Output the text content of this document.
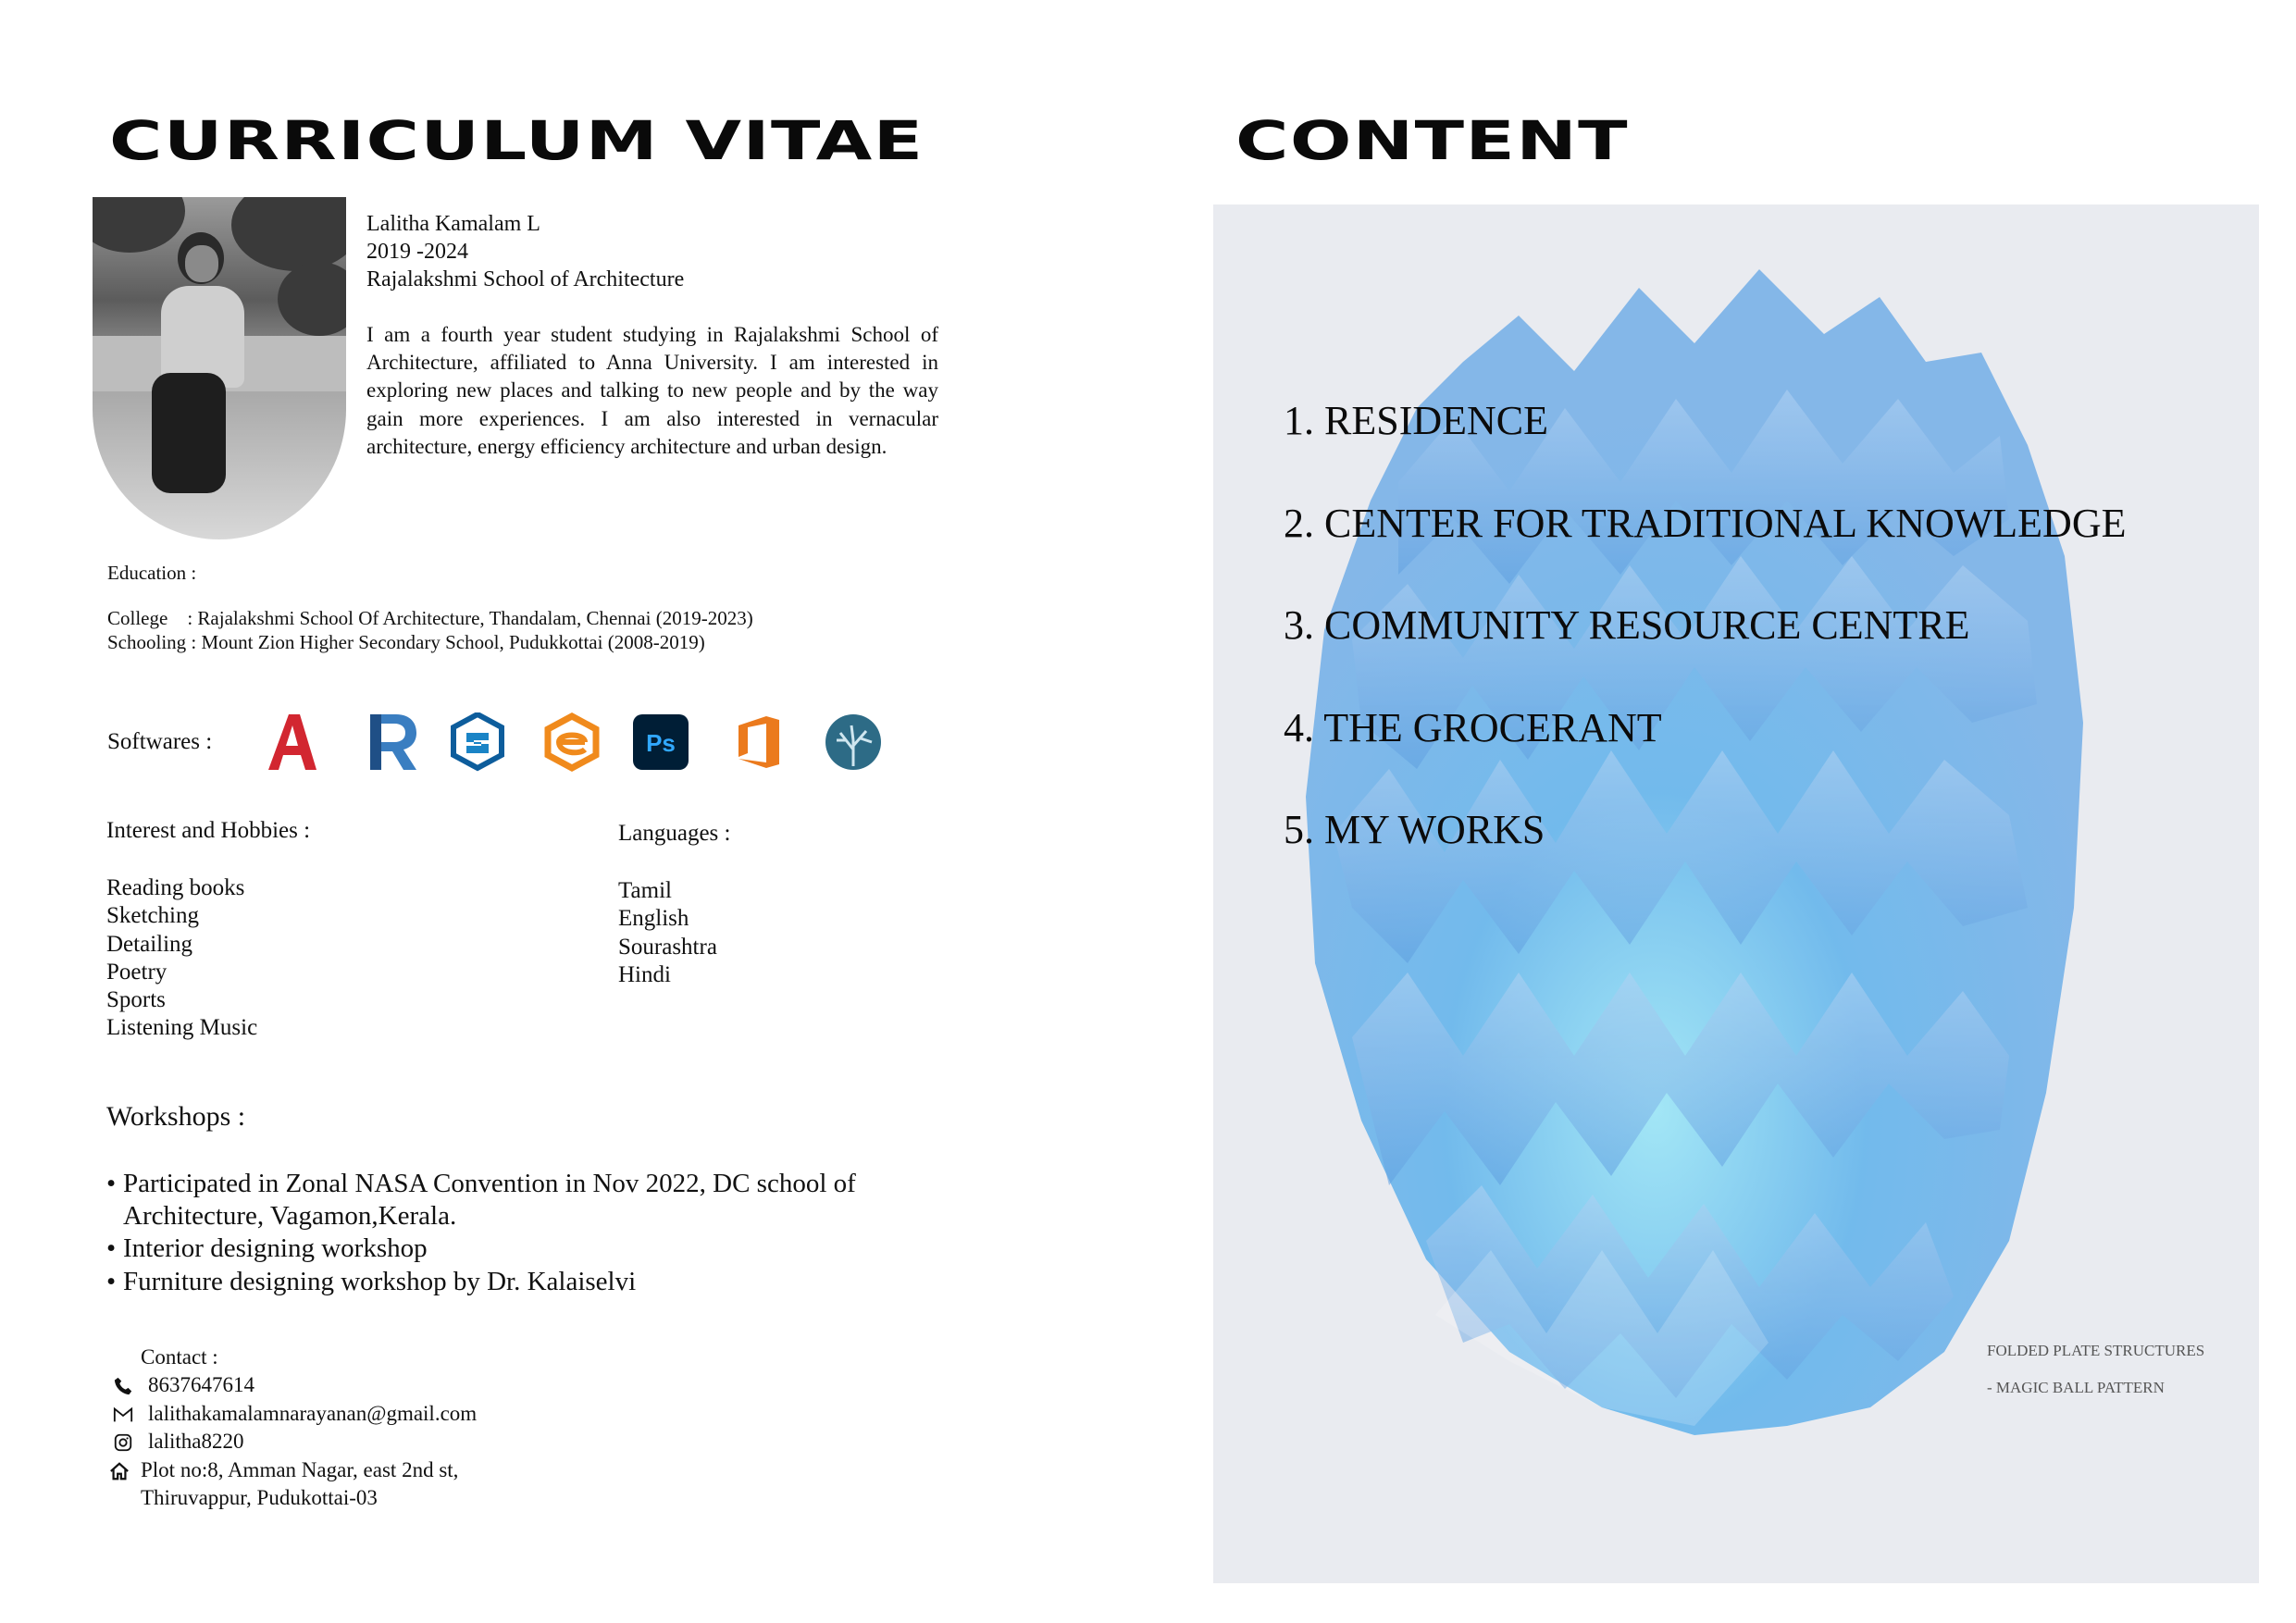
CURRICULUM VITAE
Lalitha Kamalam L
2019 -2024
Rajalakshmi School of Architecture
I am a fourth year student studying in Rajalakshmi School of Architecture, affiliated to Anna University. I am interested in exploring new places and talking to new people and by the way gain more experiences. I am also interested in vernacular architecture, energy efficiency architecture and urban design.
Education :
College    : Rajalakshmi School Of Architecture, Thandalam, Chennai (2019-2023)
Schooling : Mount Zion Higher Secondary School, Pudukkottai (2008-2019)
Softwares :	Ps
Interest and Hobbies :
Reading books
Sketching
Detailing
Poetry
Sports
Listening Music
Languages :
Tamil
English
Sourashtra
Hindi
Workshops :
• Participated in Zonal NASA Convention in Nov 2022, DC school of Architecture, Vagamon,Kerala.
• Interior designing workshop
• Furniture designing workshop by Dr. Kalaiselvi
Contact :
8637647614
lalithakamalamnarayanan@gmail.com
lalitha8220
Plot no:8, Amman Nagar, east 2nd st,
Thiruvappur, Pudukottai-03
CONTENT
1. RESIDENCE
2. CENTER FOR TRADITIONAL KNOWLEDGE
3. COMMUNITY RESOURCE CENTRE
4. THE GROCERANT
5. MY WORKS
FOLDED PLATE STRUCTURES
- MAGIC BALL PATTERN
